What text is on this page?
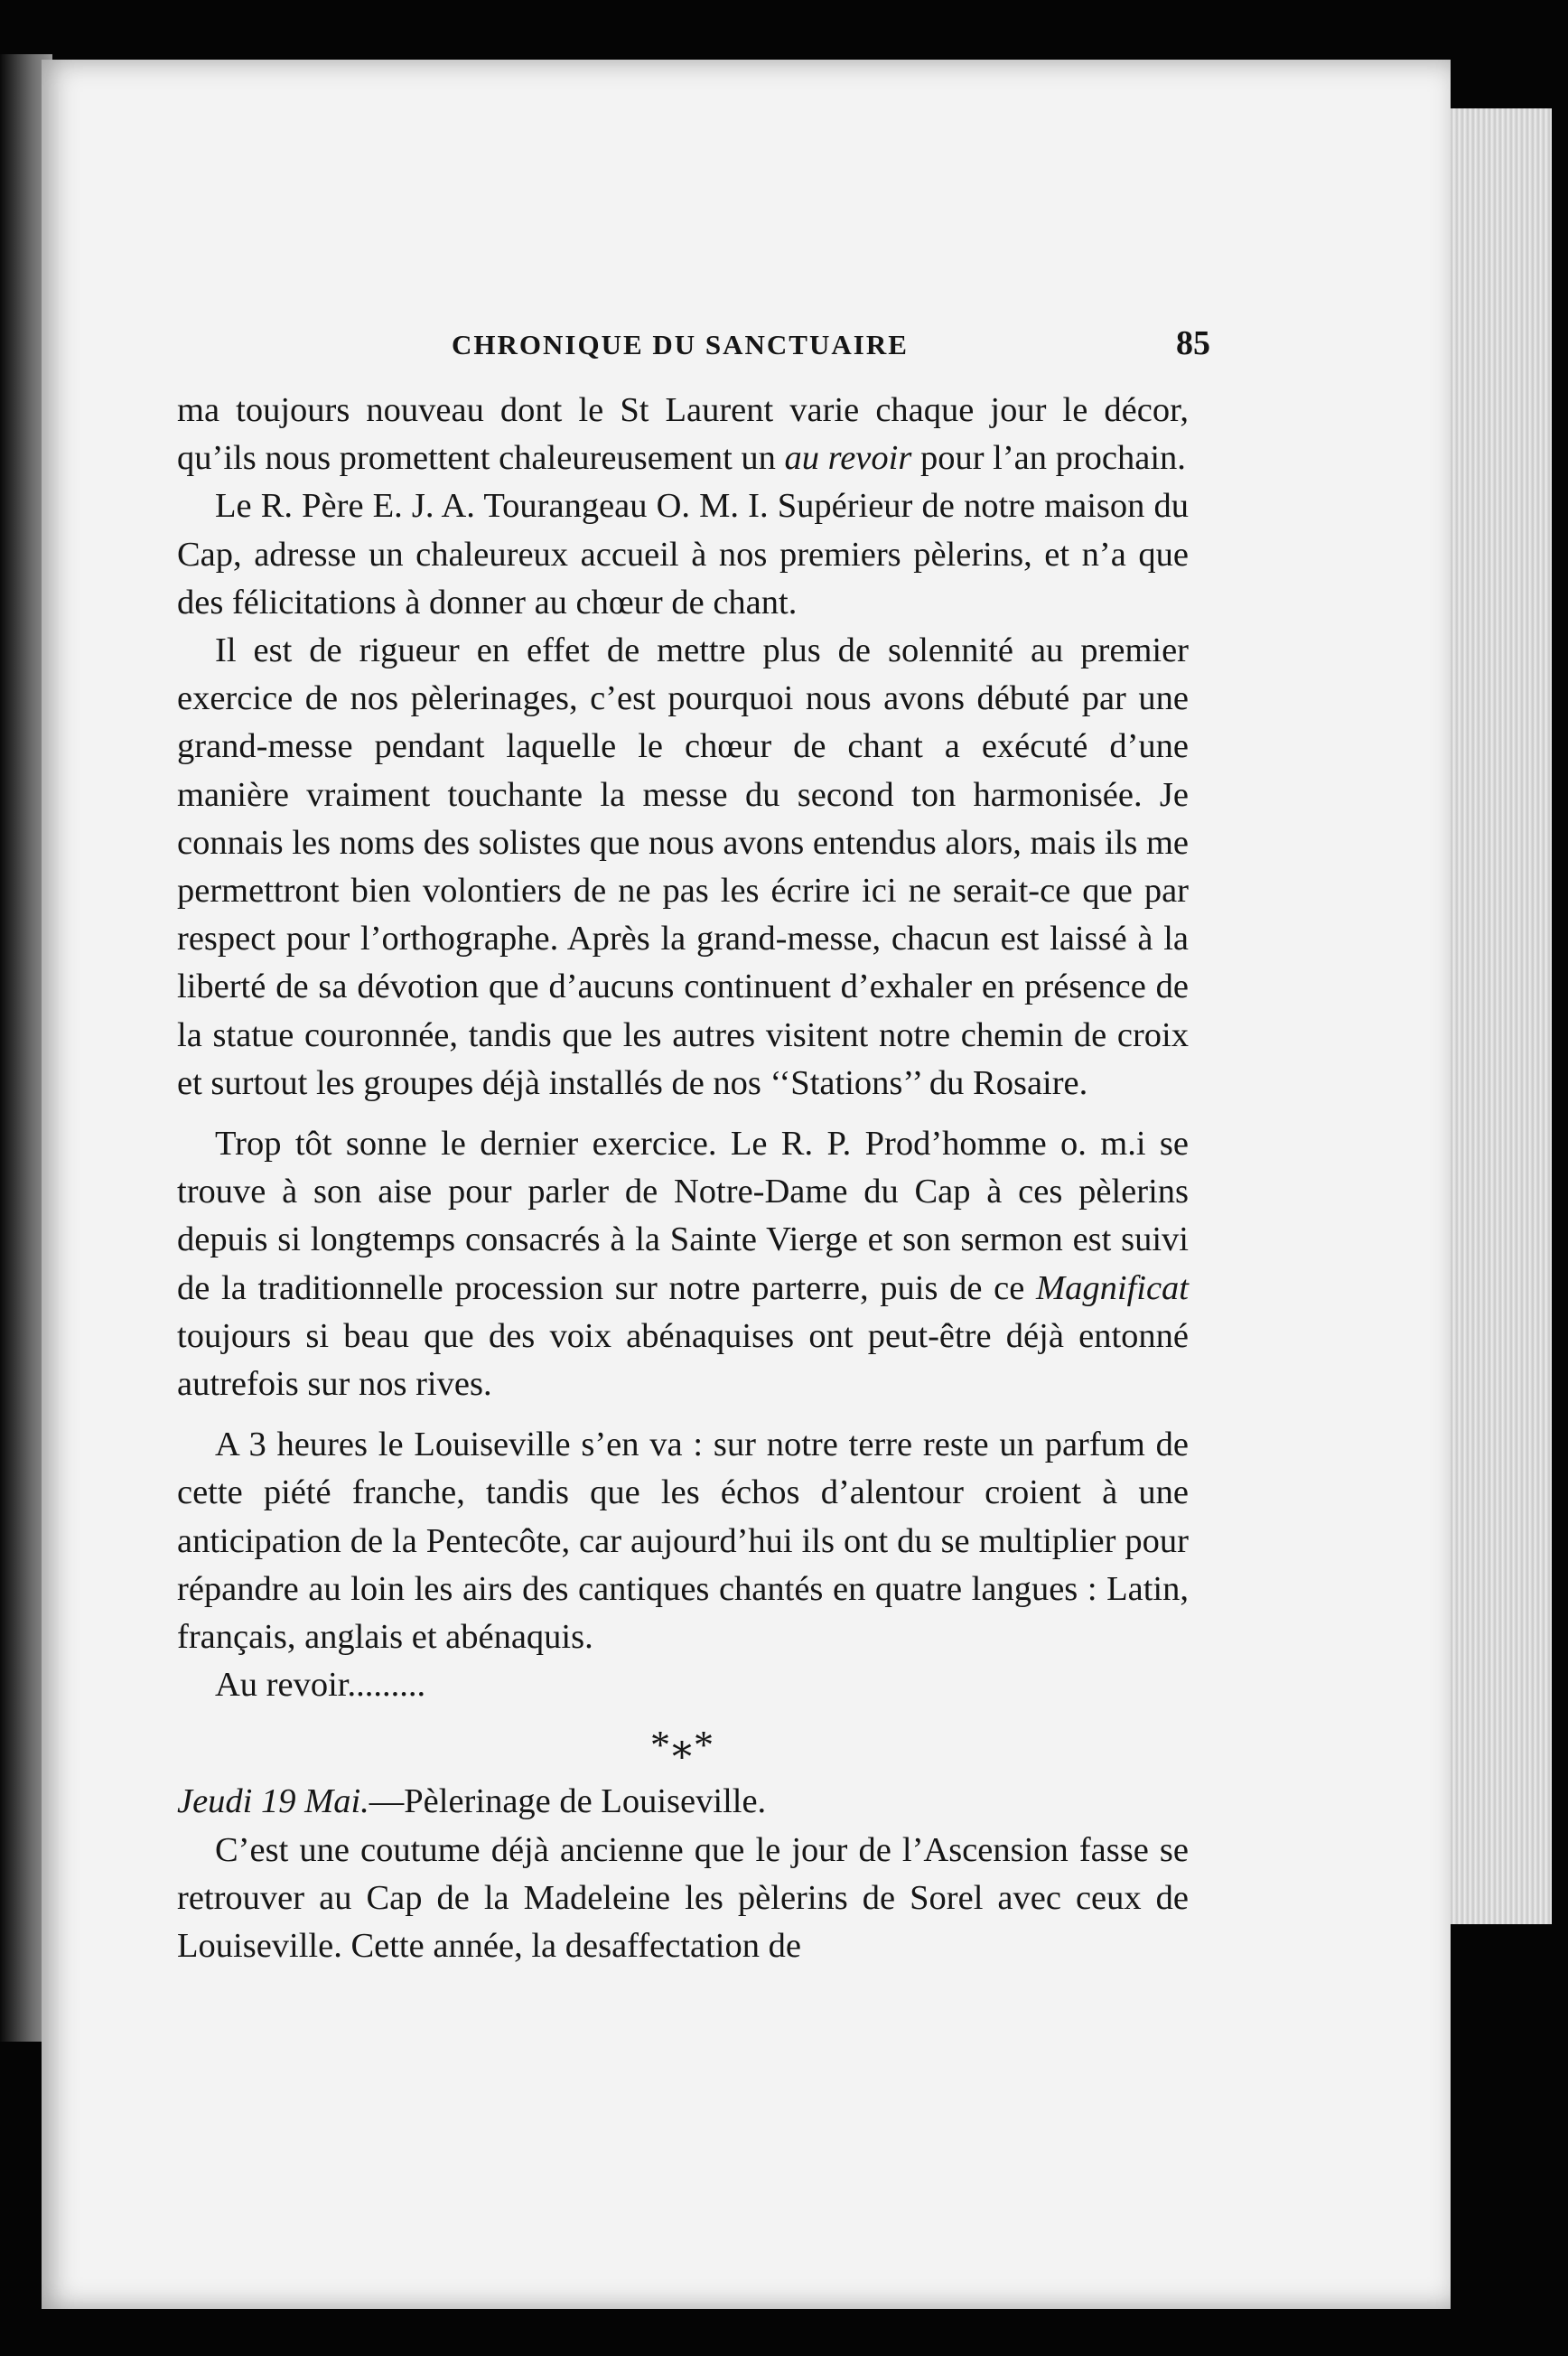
CHRONIQUE DU SANCTUAIRE	85

ma toujours nouveau dont le St Laurent varie chaque jour le décor, qu’ils nous promettent chaleureusement un au revoir pour l’an prochain.

Le R. Père E. J. A. Tourangeau O. M. I. Supérieur de notre maison du Cap, adresse un chaleureux accueil à nos premiers pèlerins, et n’a que des félicitations à donner au chœur de chant.

Il est de rigueur en effet de mettre plus de solennité au premier exercice de nos pèlerinages, c’est pourquoi nous avons débuté par une grand-messe pendant laquelle le chœur de chant a exécuté d’une manière vraiment touchante la messe du second ton harmonisée. Je connais les noms des solistes que nous avons entendus alors, mais ils me permettront bien volontiers de ne pas les écrire ici ne serait-ce que par respect pour l’orthographe. Après la grand-messe, chacun est laissé à la liberté de sa dévotion que d’aucuns continuent d’exhaler en présence de la statue couronnée, tandis que les autres visitent notre chemin de croix et surtout les groupes déjà installés de nos ‘‘Stations’’ du Rosaire.

Trop tôt sonne le dernier exercice. Le R. P. Prod’homme o. m.i se trouve à son aise pour parler de Notre-Dame du Cap à ces pèlerins depuis si longtemps consacrés à la Sainte Vierge et son sermon est suivi de la traditionnelle procession sur notre parterre, puis de ce Magnificat toujours si beau que des voix abénaquises ont peut-être déjà entonné autrefois sur nos rives.

A 3 heures le Louiseville s’en va : sur notre terre reste un parfum de cette piété franche, tandis que les échos d’alentour croient à une anticipation de la Pentecôte, car aujourd’hui ils ont du se multiplier pour répandre au loin les airs des cantiques chantés en quatre langues : Latin, français, anglais et abénaquis.

Au revoir.........

*⁎*

Jeudi 19 Mai.—Pèlerinage de Louiseville.

C’est une coutume déjà ancienne que le jour de l’Ascension fasse se retrouver au Cap de la Madeleine les pèlerins de Sorel avec ceux de Louiseville. Cette année, la desaffectation de
